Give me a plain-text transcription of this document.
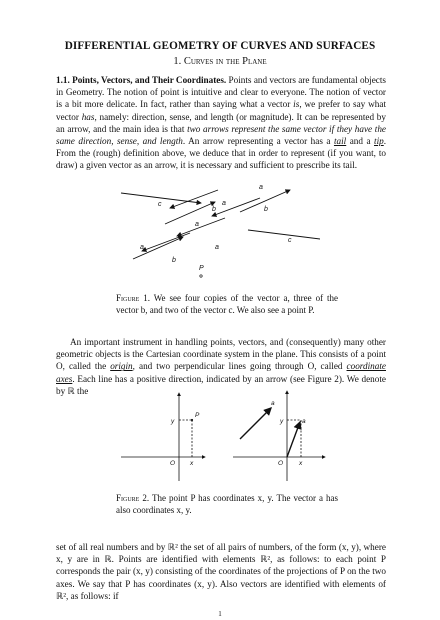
DIFFERENTIAL GEOMETRY OF CURVES AND SURFACES
1. Curves in the Plane

1.1. Points, Vectors, and Their Coordinates. Points and vectors are fundamental objects in Geometry. The notion of point is intuitive and clear to everyone. The notion of vector is a bit more delicate. In fact, rather than saying what a vector is, we prefer to say what vector has, namely: direction, sense, and length (or magnitude). It can be represented by an arrow, and the main idea is that two arrows represent the same vector if they have the same direction, sense, and length. An arrow representing a vector has a tail and a tip. From the (rough) definition above, we deduce that in order to represent (if you want, to draw) a given vector as an arrow, it is necessary and sufficient to prescribe its tail.

c
a
b	b
a
a
a
a
b
c
P

Figure 1. We see four copies of the vector a, three of the vector b, and two of the vector c. We also see a point P.

An important instrument in handling points, vectors, and (consequently) many other geometric objects is the Cartesian coordinate system in the plane. This consists of a point O, called the origin, and two perpendicular lines going through O, called coordinate axes. Each line has a positive direction, indicated by an arrow (see Figure 2). We denote by ℝ the

y
P
O x
y
a
a
O x

Figure 2. The point P has coordinates x, y. The vector a has also coordinates x, y.

set of all real numbers and by ℝ² the set of all pairs of numbers, of the form (x, y), where x, y are in ℝ. Points are identified with elements ℝ², as follows: to each point P corresponds the pair (x, y) consisting of the coordinates of the projections of P on the two axes. We say that P has coordinates (x, y). Also vectors are identified with elements of ℝ², as follows: if

1
